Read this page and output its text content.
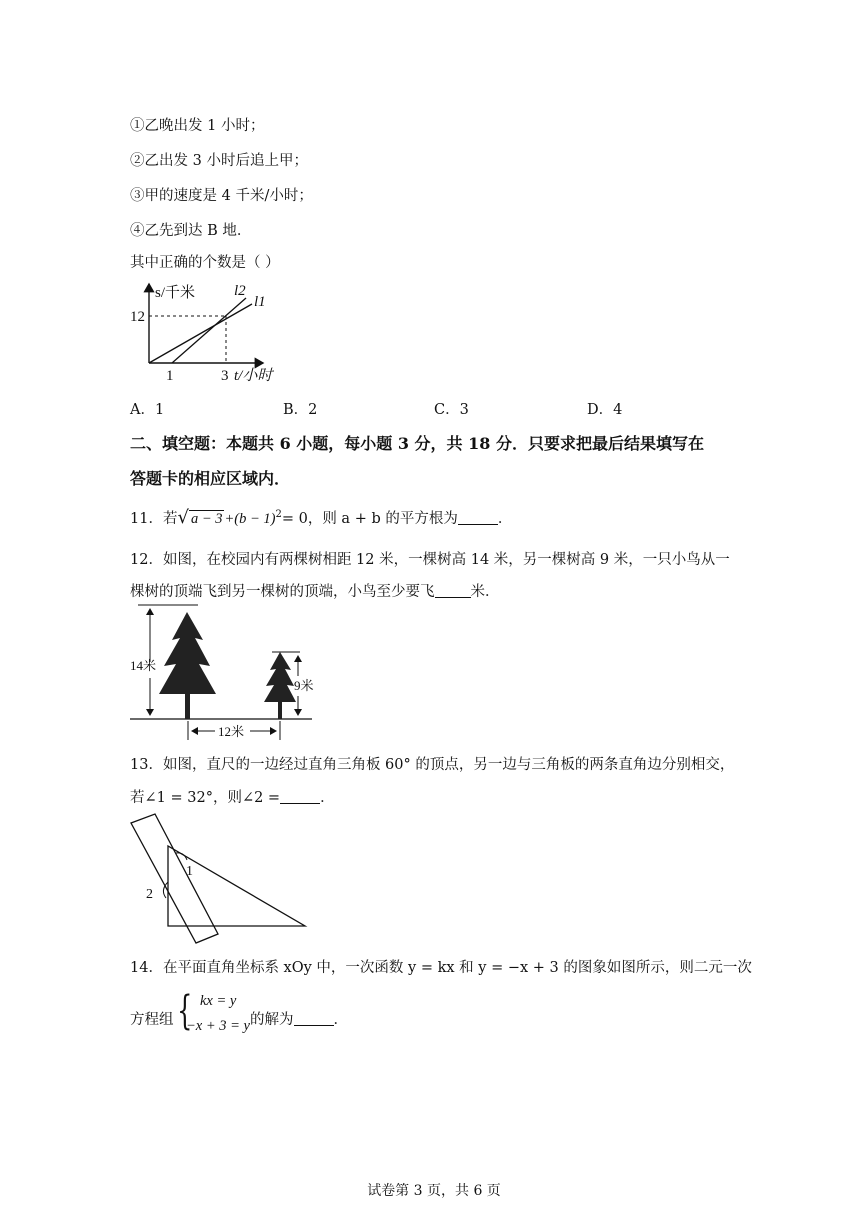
①乙晚出发 1 小时；
②乙出发 3 小时后追上甲；
③甲的速度是 4 千米/小时；
④乙先到达 B 地．
其中正确的个数是（ ）
s/千米
12
1	3 t/小时
l2
l1
A．1	B．2	C．3	D．4
二、填空题：本题共 6 小题，每小题 3 分，共 18 分．只要求把最后结果填写在
答题卡的相应区域内．
11．若√ $a - 3 +(b - 1)^2= 0$，则 a + b 的平方根为	．
12．如图，在校园内有两棵树相距 12 米，一棵树高 14 米，另一棵树高 9 米，一只小鸟从一
棵树的顶端飞到另一棵树的顶端，小鸟至少要飞 米．
14米
9米
12米
13．如图，直尺的一边经过直角三角板 60° 的顶点，另一边与三角板的两条直角边分别相交，
若∠1 = 32°，则∠2 =	．
1
2
14．在平面直角坐标系 xOy 中，一次函数 y = kx 和 y = −x + 3 的图象如图所示，则二元一次
方程组 { kx = y
−x + 3 = y 的解为	．
试卷第 3 页，共 6 页
